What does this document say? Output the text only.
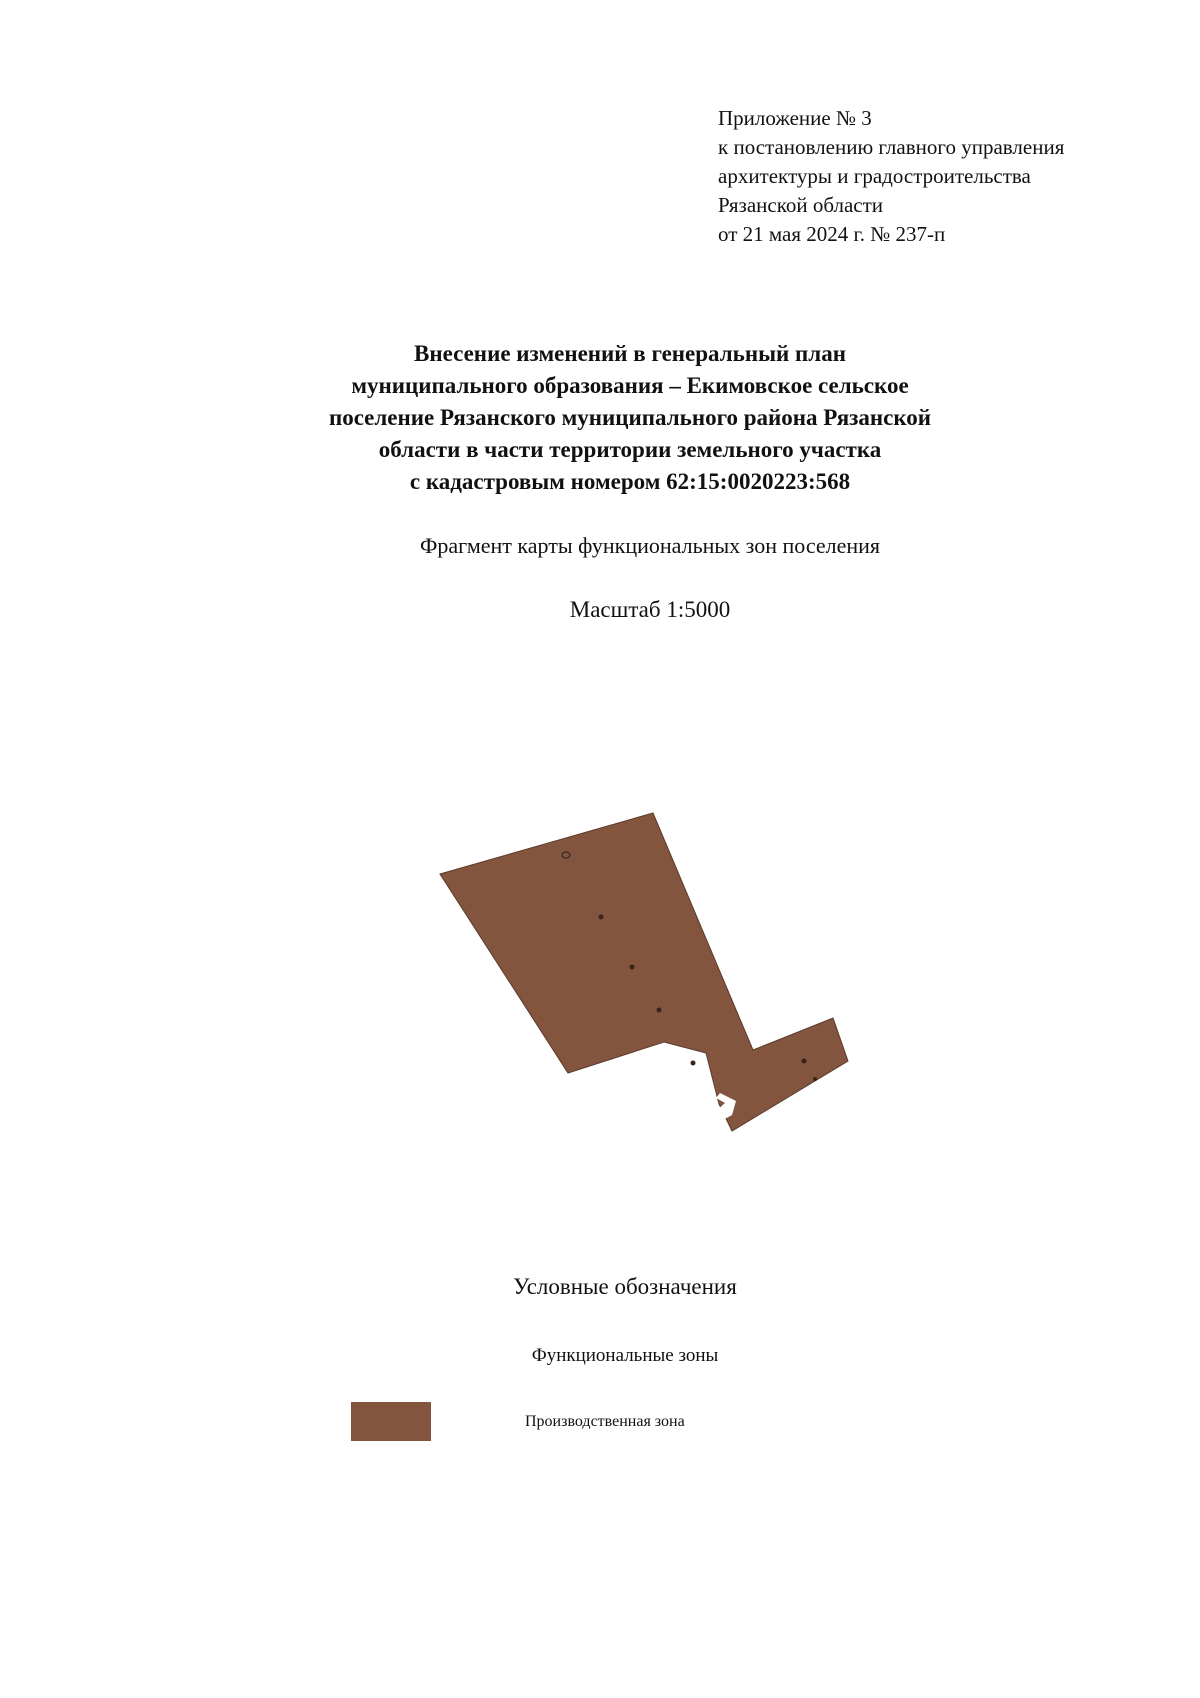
Приложение № 3
к постановлению главного управления
архитектуры и градостроительства
Рязанской области
от 21 мая 2024 г. № 237-п
Внесение изменений в генеральный план
муниципального образования – Екимовское сельское
поселение Рязанского муниципального района Рязанской
области в части территории земельного участка
с кадастровым номером 62:15:0020223:568
Фрагмент карты функциональных зон поселения
Масштаб 1:5000
Условные обозначения
Функциональные зоны
Производственная зона
